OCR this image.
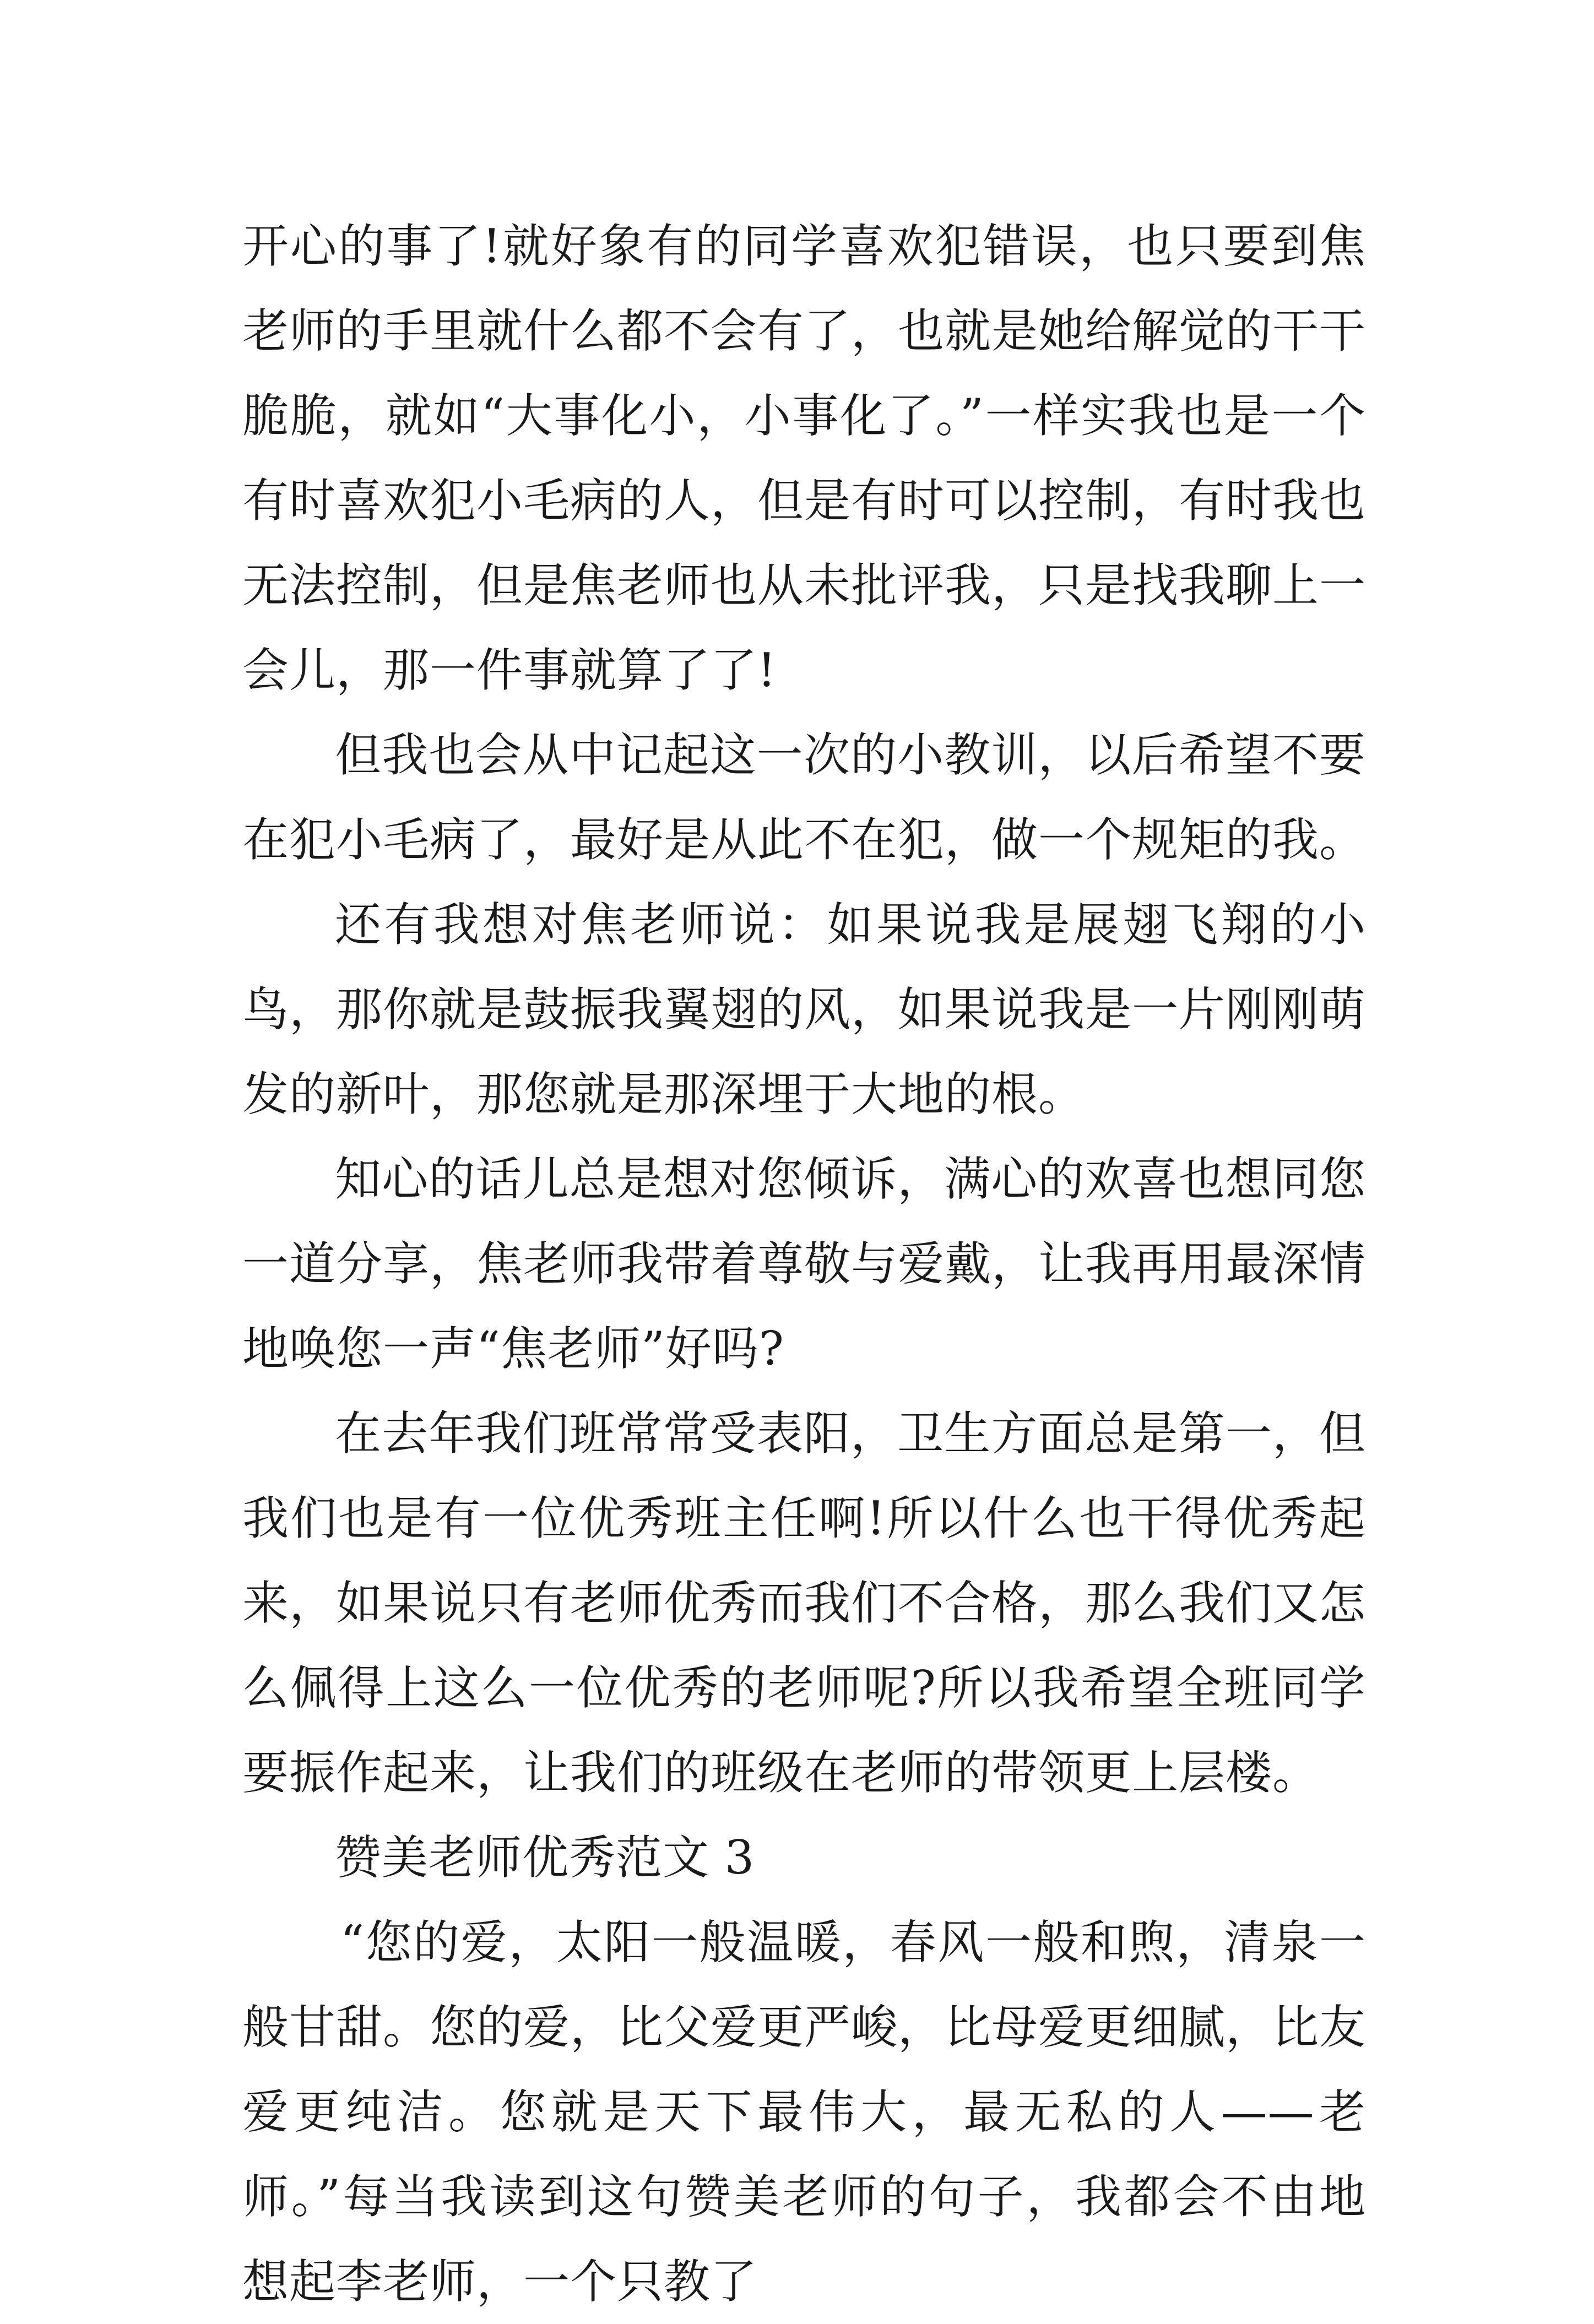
开心的事了!就好象有的同学喜欢犯错误，也只要到焦老师的手里就什么都不会有了，也就是她给解觉的干干脆脆，就如“大事化小，小事化了。”一样实我也是一个有时喜欢犯小毛病的人，但是有时可以控制，有时我也无法控制，但是焦老师也从未批评我，只是找我聊上一会儿，那一件事就算了了!

但我也会从中记起这一次的小教训，以后希望不要在犯小毛病了，最好是从此不在犯，做一个规矩的我。

还有我想对焦老师说：如果说我是展翅飞翔的小鸟，那你就是鼓振我翼翅的风，如果说我是一片刚刚萌发的新叶，那您就是那深埋于大地的根。

知心的话儿总是想对您倾诉，满心的欢喜也想同您一道分享，焦老师我带着尊敬与爱戴，让我再用最深情地唤您一声“焦老师”好吗?

在去年我们班常常受表阳，卫生方面总是第一，但我们也是有一位优秀班主任啊!所以什么也干得优秀起来，如果说只有老师优秀而我们不合格，那么我们又怎么佩得上这么一位优秀的老师呢?所以我希望全班同学要振作起来，让我们的班级在老师的带领更上层楼。

赞美老师优秀范文 3

“您的爱，太阳一般温暖，春风一般和煦，清泉一般甘甜。您的爱，比父爱更严峻，比母爱更细腻，比友爱更纯洁。您就是天下最伟大，最无私的人——老师。”每当我读到这句赞美老师的句子，我都会不由地想起李老师，一个只教了
